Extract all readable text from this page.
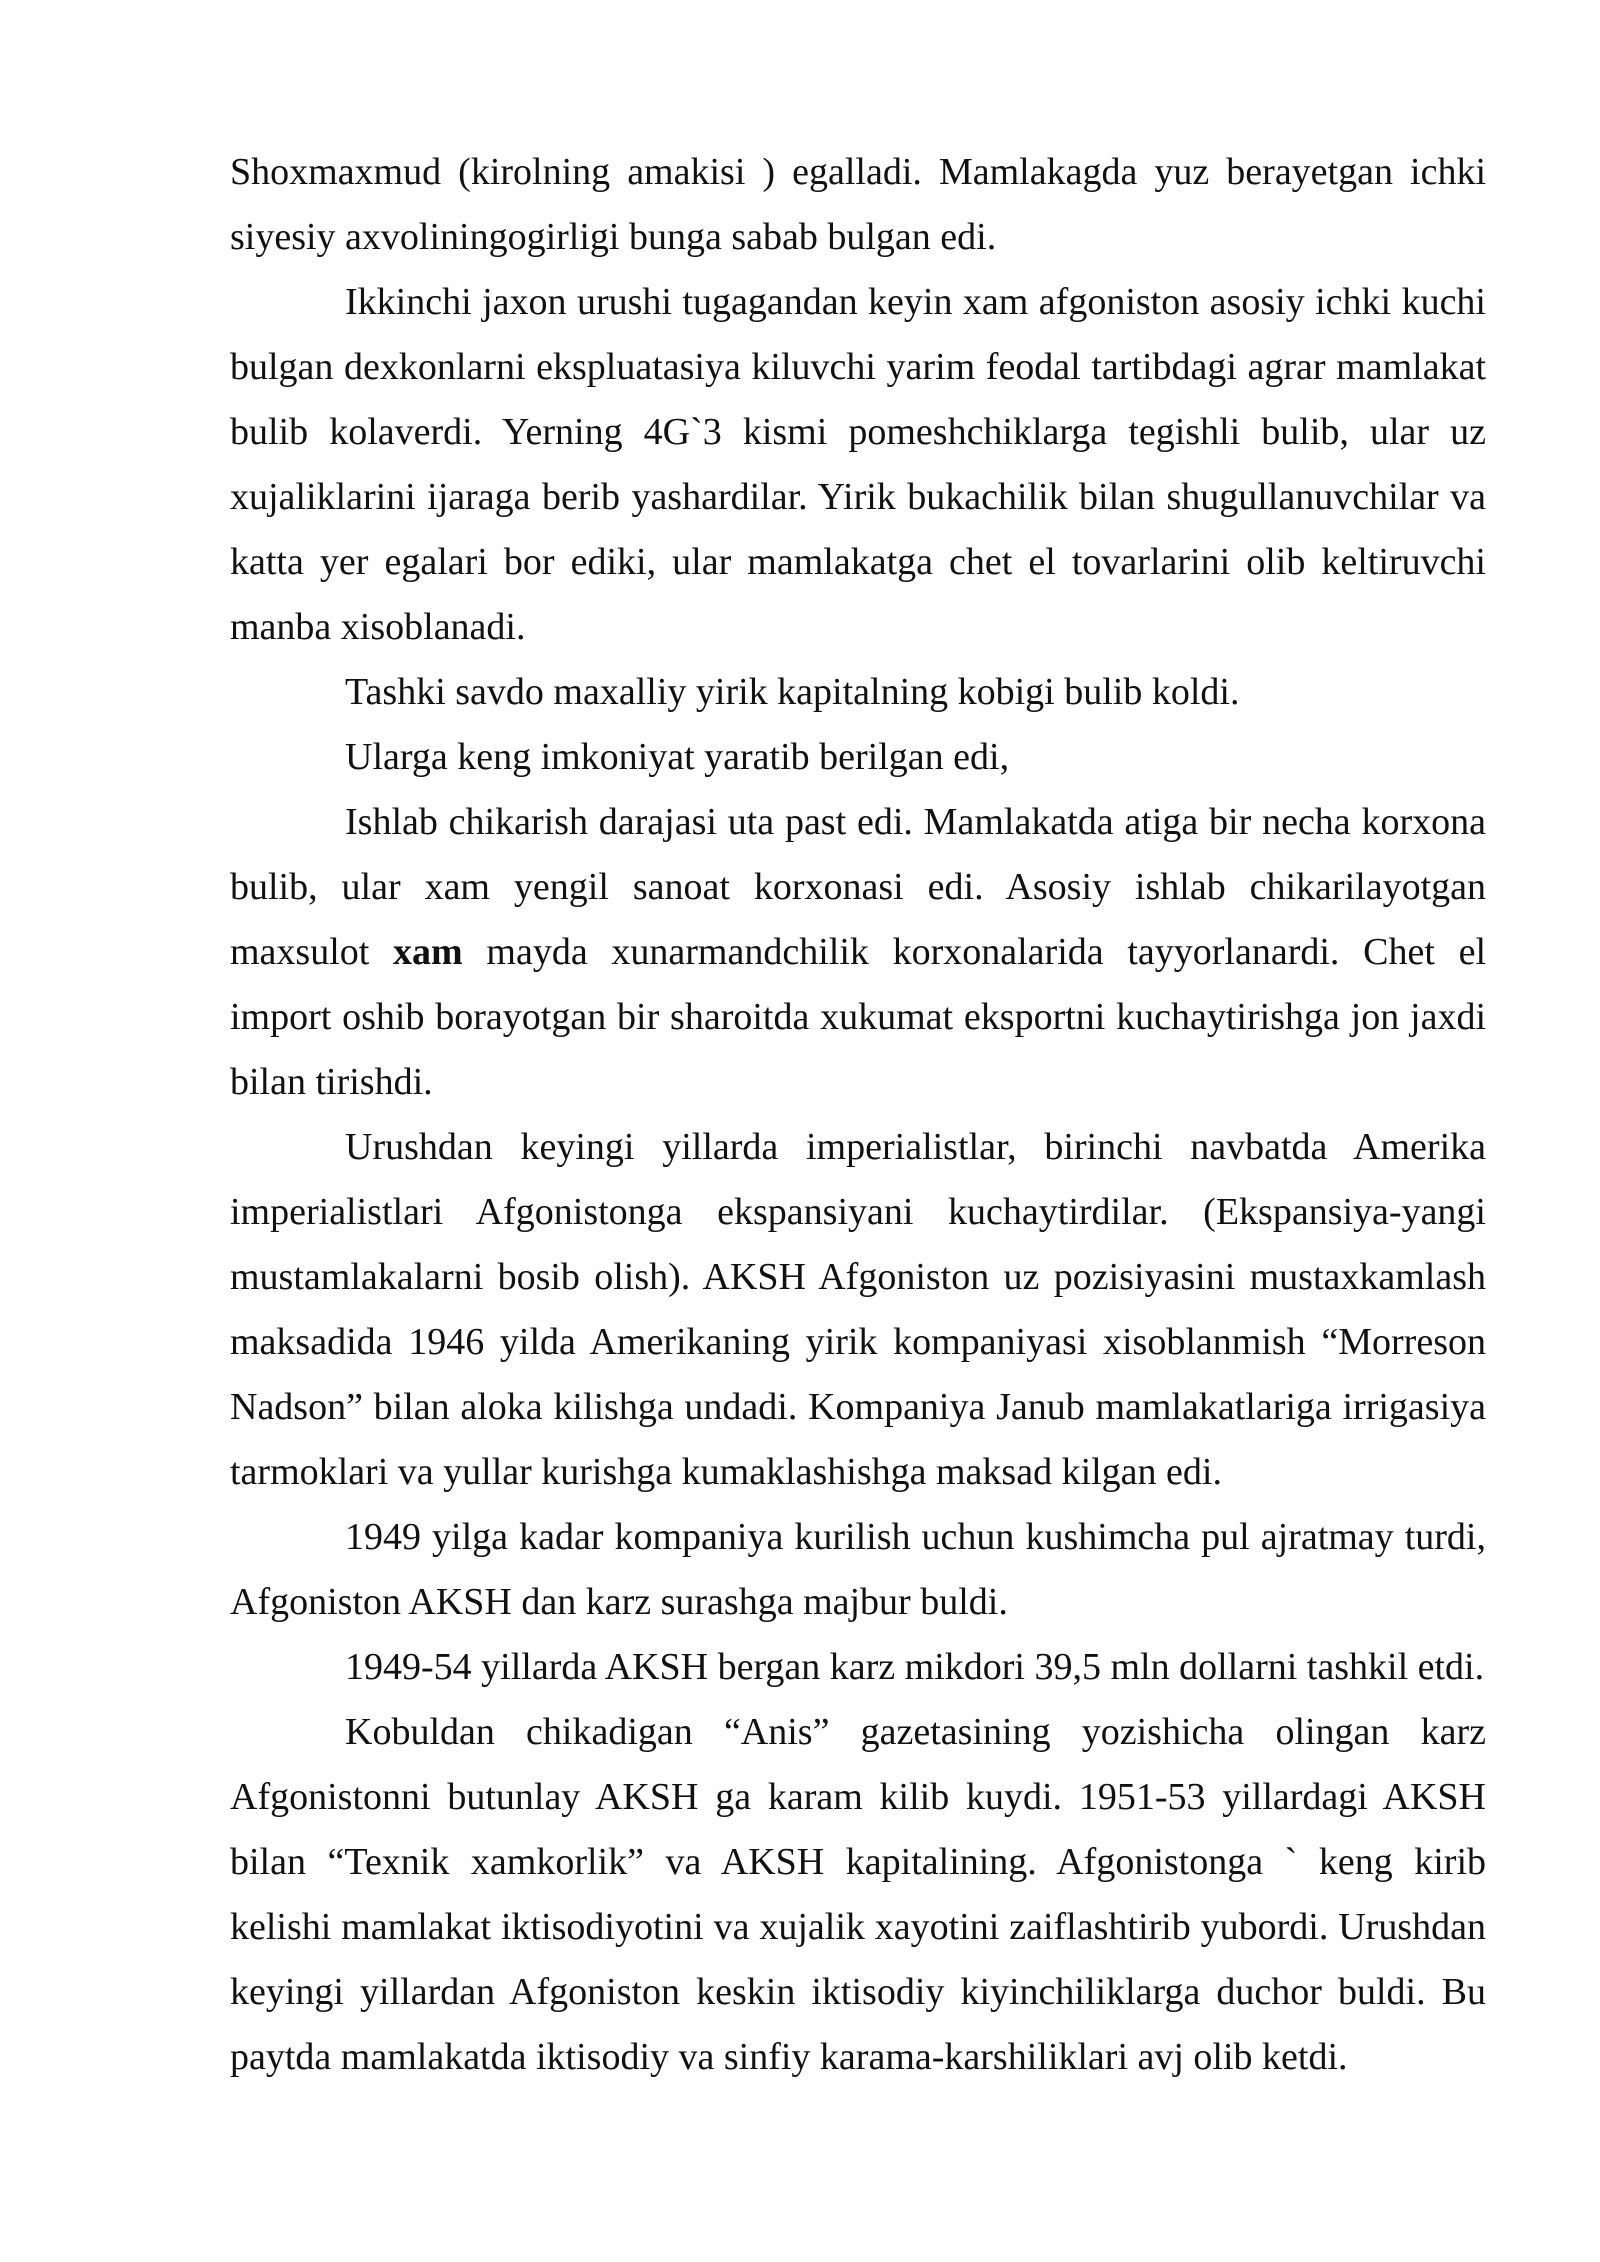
Shoxmaxmud (kirolning amakisi ) egalladi. Mamlakagda yuz berayetgan ichki siyesiy axvoliningogirligi bunga sabab bulgan edi.

Ikkinchi jaxon urushi tugagandan keyin xam afgoniston asosiy ichki kuchi bulgan dexkonlarni ekspluatasiya kiluvchi yarim feodal tartibdagi agrar mamlakat bulib kolaverdi. Yerning 4G`3 kismi pomeshchiklarga tegishli bulib, ular uz xujaliklarini ijaraga berib yashardilar. Yirik bukachilik bilan shugullanuvchilar va katta yer egalari bor ediki, ular mamlakatga chet el tovarlarini olib keltiruvchi manba xisoblanadi.

Tashki savdo maxalliy yirik kapitalning kobigi bulib koldi.

Ularga keng imkoniyat yaratib berilgan edi,

Ishlab chikarish darajasi uta past edi. Mamlakatda atiga bir necha korxona bulib, ular xam yengil sanoat korxonasi edi. Asosiy ishlab chikarilayotgan maxsulot xam mayda xunarmandchilik korxonalarida tayyorlanardi. Chet el import oshib borayotgan bir sharoitda xukumat eksportni kuchaytirishga jon jaxdi bilan tirishdi.

Urushdan keyingi yillarda imperialistlar, birinchi navbatda Amerika imperialistlari Afgonistonga ekspansiyani kuchaytirdilar. (Ekspansiya-yangi mustamlakalarni bosib olish). AKSH Afgoniston uz pozisiyasini mustaxkamlash maksadida 1946 yilda Amerikaning yirik kompaniyasi xisoblanmish “Morreson Nadson” bilan aloka kilishga undadi. Kompaniya Janub mamlakatlariga irrigasiya tarmoklari va yullar kurishga kumaklashishga maksad kilgan edi.

1949 yilga kadar kompaniya kurilish uchun kushimcha pul ajratmay turdi, Afgoniston AKSH dan karz surashga majbur buldi.

1949-54 yillarda AKSH bergan karz mikdori 39,5 mln dollarni tashkil etdi.

Kobuldan chikadigan “Anis” gazetasining yozishicha olingan karz Afgonistonni butunlay AKSH ga karam kilib kuydi. 1951-53 yillardagi AKSH bilan “Texnik xamkorlik” va AKSH kapitalining. Afgonistonga ` keng kirib kelishi mamlakat iktisodiyotini va xujalik xayotini zaiflashtirib yubordi. Urushdan keyingi yillardan Afgoniston keskin iktisodiy kiyinchiliklarga duchor buldi. Bu paytda mamlakatda iktisodiy va sinfiy karama-karshiliklari avj olib ketdi.
